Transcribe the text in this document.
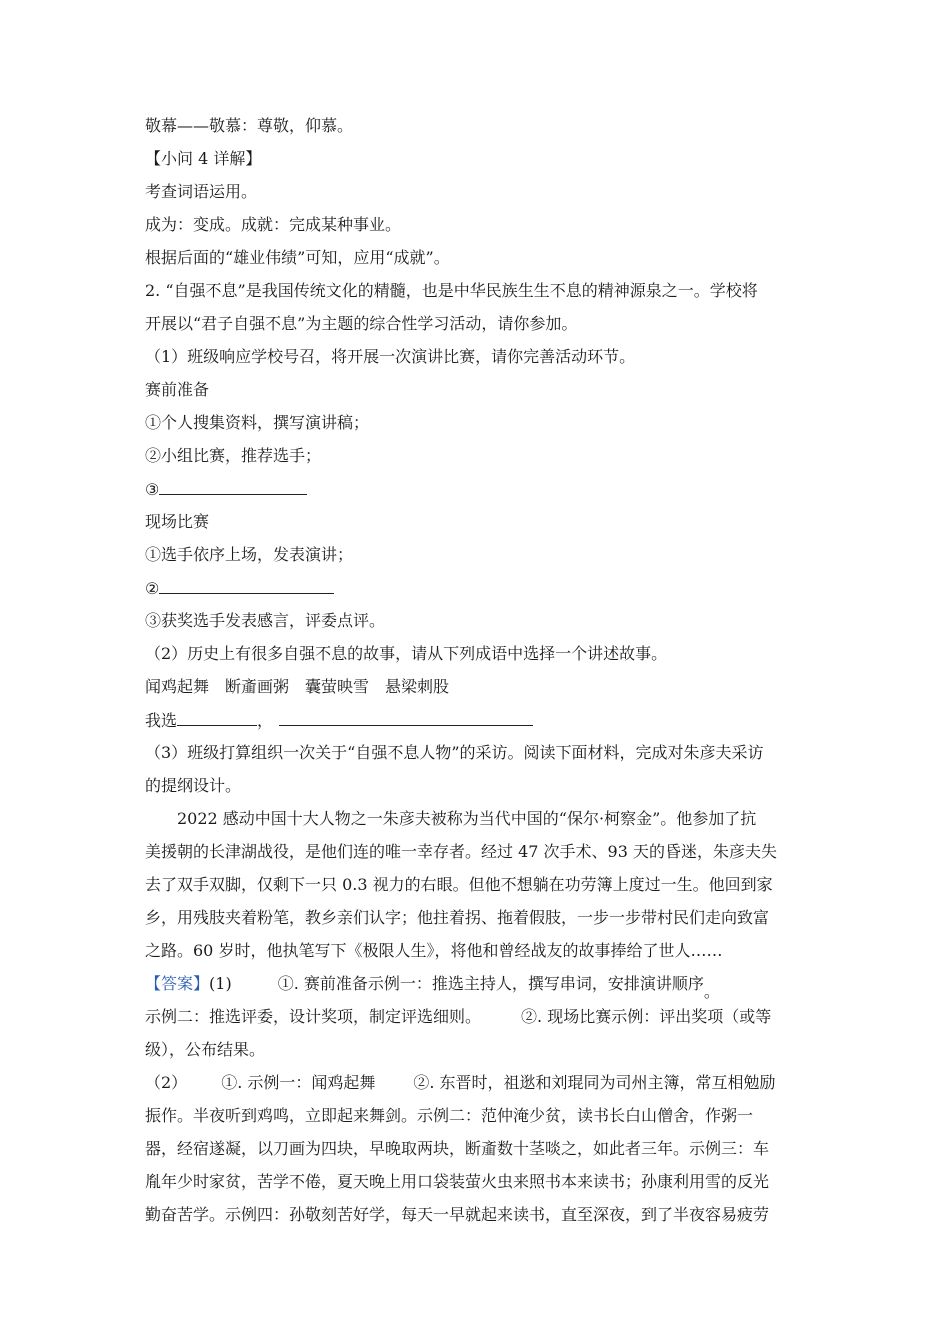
敬幕——敬慕：尊敬，仰慕。
【小问 4 详解】
考查词语运用。
成为：变成。成就：完成某种事业。
根据后面的“雄业伟绩”可知，应用“成就”。
2. “自强不息”是我国传统文化的精髓，也是中华民族生生不息的精神源泉之一。学校将
开展以“君子自强不息”为主题的综合性学习活动，请你参加。
（1）班级响应学校号召，将开展一次演讲比赛，请你完善活动环节。
赛前准备
①个人搜集资料，撰写演讲稿；
②小组比赛，推荐选手；
③
现场比赛
①选手依序上场，发表演讲；
②
③获奖选手发表感言，评委点评。
（2）历史上有很多自强不息的故事，请从下列成语中选择一个讲述故事。
闻鸡起舞　断齑画粥　囊萤映雪　悬梁刺股
我选	，
（3）班级打算组织一次关于“自强不息人物”的采访。阅读下面材料，完成对朱彦夫采访
的提纲设计。
2022 感动中国十大人物之一朱彦夫被称为当代中国的“保尔·柯察金”。他参加了抗
美援朝的长津湖战役，是他们连的唯一幸存者。经过 47 次手术、93 天的昏迷，朱彦夫失
去了双手双脚，仅剩下一只 0.3 视力的右眼。但他不想躺在功劳簿上度过一生。他回到家
乡，用残肢夹着粉笔，教乡亲们认字；他拄着拐、拖着假肢，一步一步带村民们走向致富
之路。60 岁时，他执笔写下《极限人生》，将他和曾经战友的故事捧给了世人……
【答案】(1)	①. 赛前准备示例一：推选主持人，撰写串词，安排演讲顺序。
示例二：推选评委，设计奖项，制定评选细则。	②. 现场比赛示例：评出奖项（或等
级），公布结果。
（2） ①. 示例一：闻鸡起舞 ②. 东晋时，祖逖和刘琨同为司州主簿，常互相勉励
振作。半夜听到鸡鸣，立即起来舞剑。示例二：范仲淹少贫，读书长白山僧舍，作粥一
器，经宿遂凝，以刀画为四块，早晚取两块，断齑数十茎啖之，如此者三年。示例三：车
胤年少时家贫，苦学不倦，夏天晚上用口袋装萤火虫来照书本来读书；孙康利用雪的反光
勤奋苦学。示例四：孙敬刻苦好学，每天一早就起来读书，直至深夜，到了半夜容易疲劳
